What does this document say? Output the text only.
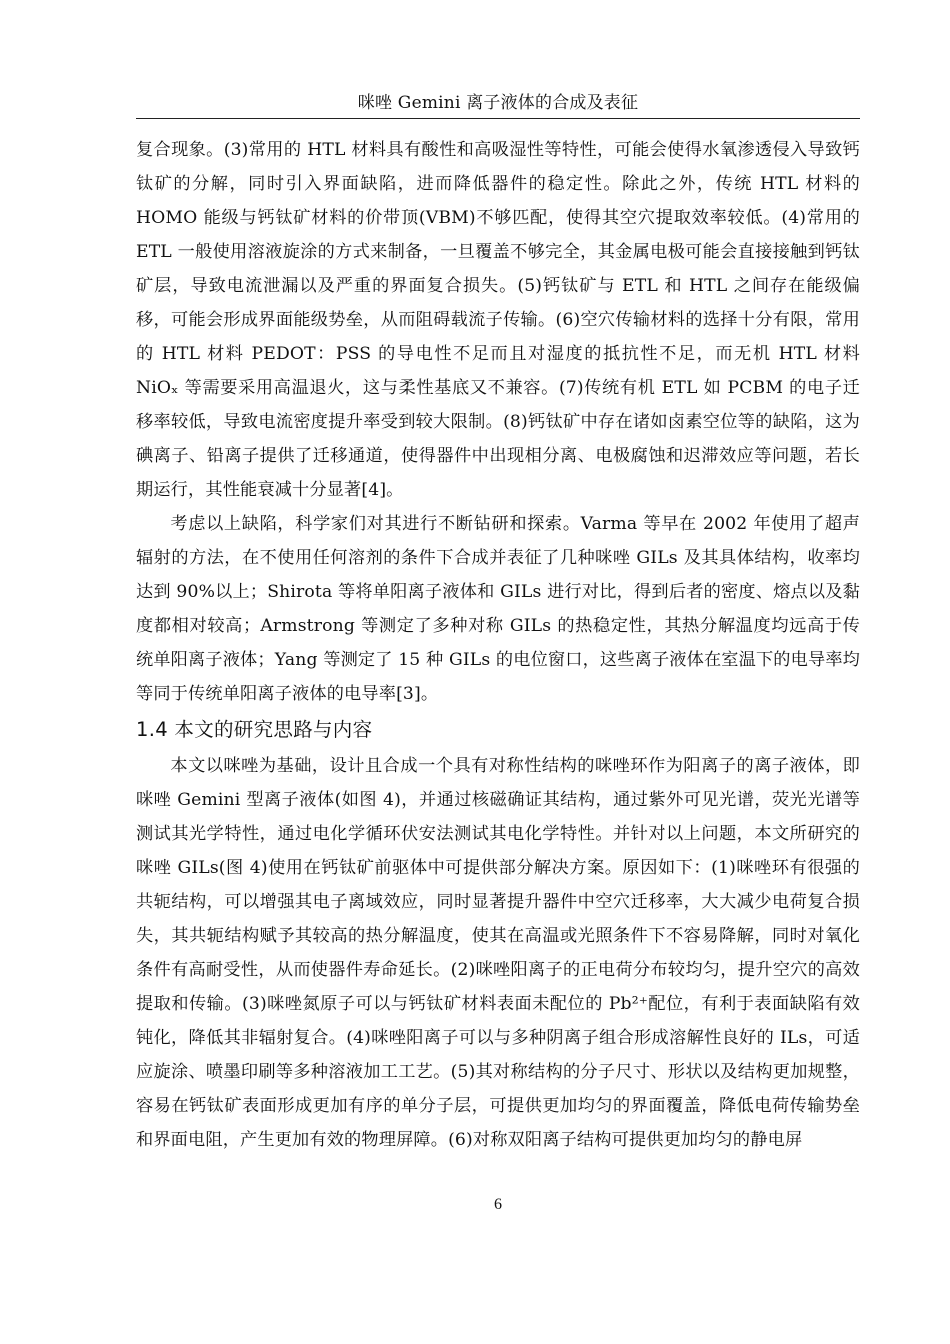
咪唑 Gemini 离子液体的合成及表征

复合现象。(3)常用的 HTL 材料具有酸性和高吸湿性等特性，可能会使得水氧渗透侵入导致钙钛矿的分解，同时引入界面缺陷，进而降低器件的稳定性。除此之外，传统 HTL 材料的 HOMO 能级与钙钛矿材料的价带顶(VBM)不够匹配，使得其空穴提取效率较低。(4)常用的 ETL 一般使用溶液旋涂的方式来制备，一旦覆盖不够完全，其金属电极可能会直接接触到钙钛矿层，导致电流泄漏以及严重的界面复合损失。(5)钙钛矿与 ETL 和 HTL 之间存在能级偏移，可能会形成界面能级势垒，从而阻碍载流子传输。(6)空穴传输材料的选择十分有限，常用的 HTL 材料 PEDOT：PSS 的导电性不足而且对湿度的抵抗性不足，而无机 HTL 材料 NiOₓ 等需要采用高温退火，这与柔性基底又不兼容。(7)传统有机 ETL 如 PCBM 的电子迁移率较低，导致电流密度提升率受到较大限制。(8)钙钛矿中存在诸如卤素空位等的缺陷，这为碘离子、铅离子提供了迁移通道，使得器件中出现相分离、电极腐蚀和迟滞效应等问题，若长期运行，其性能衰减十分显著[4]。

考虑以上缺陷，科学家们对其进行不断钻研和探索。Varma 等早在 2002 年使用了超声辐射的方法，在不使用任何溶剂的条件下合成并表征了几种咪唑 GILs 及其具体结构，收率均达到 90%以上；Shirota 等将单阳离子液体和 GILs 进行对比，得到后者的密度、熔点以及黏度都相对较高；Armstrong 等测定了多种对称 GILs 的热稳定性，其热分解温度均远高于传统单阳离子液体；Yang 等测定了 15 种 GILs 的电位窗口，这些离子液体在室温下的电导率均等同于传统单阳离子液体的电导率[3]。

1.4 本文的研究思路与内容

本文以咪唑为基础，设计且合成一个具有对称性结构的咪唑环作为阳离子的离子液体，即咪唑 Gemini 型离子液体(如图 4)，并通过核磁确证其结构，通过紫外可见光谱，荧光光谱等测试其光学特性，通过电化学循环伏安法测试其电化学特性。并针对以上问题，本文所研究的咪唑 GILs(图 4)使用在钙钛矿前驱体中可提供部分解决方案。原因如下：(1)咪唑环有很强的共轭结构，可以增强其电子离域效应，同时显著提升器件中空穴迁移率，大大减少电荷复合损失，其共轭结构赋予其较高的热分解温度，使其在高温或光照条件下不容易降解，同时对氧化条件有高耐受性，从而使器件寿命延长。(2)咪唑阳离子的正电荷分布较均匀，提升空穴的高效提取和传输。(3)咪唑氮原子可以与钙钛矿材料表面未配位的 Pb²⁺配位，有利于表面缺陷有效钝化，降低其非辐射复合。(4)咪唑阳离子可以与多种阴离子组合形成溶解性良好的 ILs，可适应旋涂、喷墨印刷等多种溶液加工工艺。(5)其对称结构的分子尺寸、形状以及结构更加规整，容易在钙钛矿表面形成更加有序的单分子层，可提供更加均匀的界面覆盖，降低电荷传输势垒和界面电阻，产生更加有效的物理屏障。(6)对称双阳离子结构可提供更加均匀的静电屏

6
